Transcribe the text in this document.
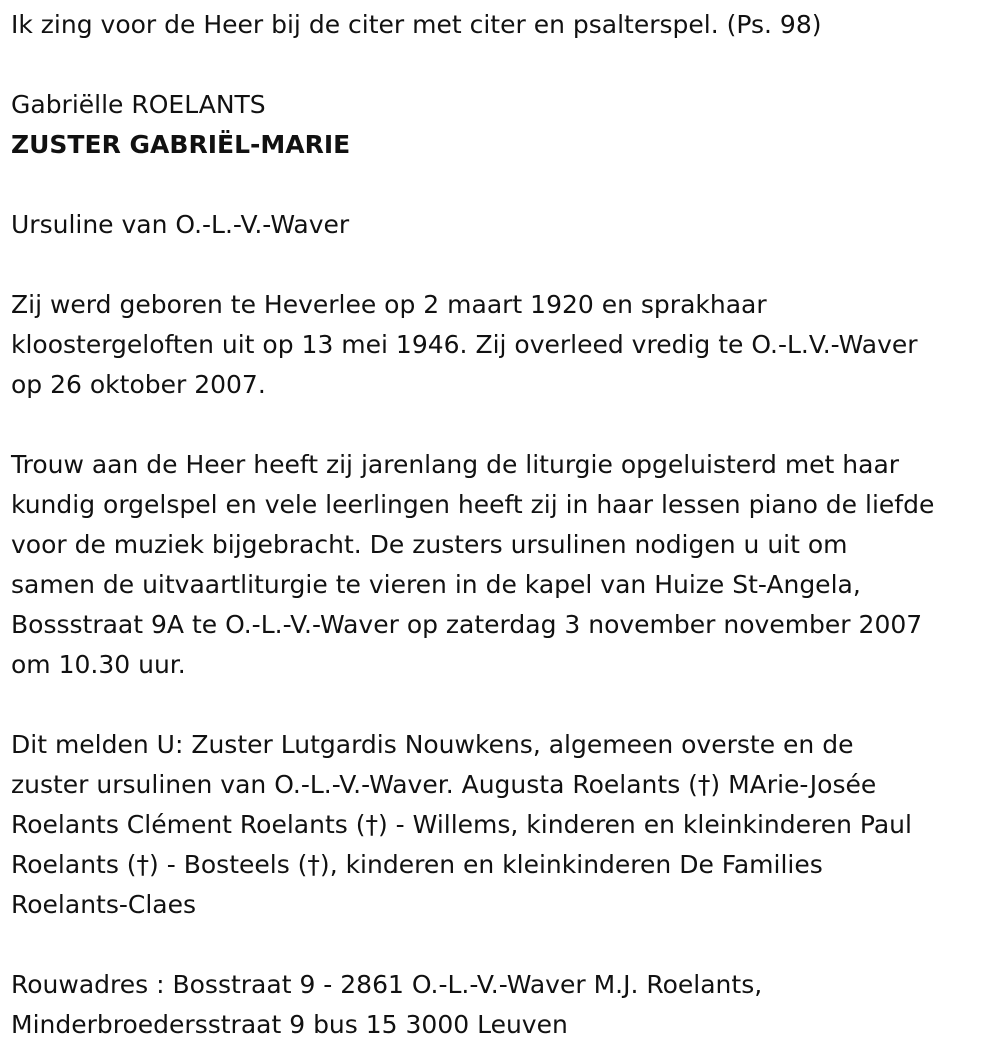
Ik zing voor de Heer bij de citer met citer en psalterspel. (Ps. 98)

Gabriëlle ROELANTS

ZUSTER GABRIËL-MARIE

Ursuline van O.-L.-V.-Waver

Zij werd geboren te Heverlee op 2 maart 1920 en sprakhaar

kloostergeloften uit op 13 mei 1946. Zij overleed vredig te O.-L.V.-Waver

op 26 oktober 2007.

Trouw aan de Heer heeft zij jarenlang de liturgie opgeluisterd met haar

kundig orgelspel en vele leerlingen heeft zij in haar lessen piano de liefde

voor de muziek bijgebracht. De zusters ursulinen nodigen u uit om

samen de uitvaartliturgie te vieren in de kapel van Huize St-Angela,

Bossstraat 9A te O.-L.-V.-Waver op zaterdag 3 november november 2007

om 10.30 uur.

Dit melden U: Zuster Lutgardis Nouwkens, algemeen overste en de

zuster ursulinen van O.-L.-V.-Waver. Augusta Roelants (†) MArie-Josée

Roelants Clément Roelants (†) - Willems, kinderen en kleinkinderen Paul

Roelants (†) - Bosteels (†), kinderen en kleinkinderen De Families

Roelants-Claes

Rouwadres : Bosstraat 9 - 2861 O.-L.-V.-Waver M.J. Roelants,

Minderbroedersstraat 9 bus 15 3000 Leuven
